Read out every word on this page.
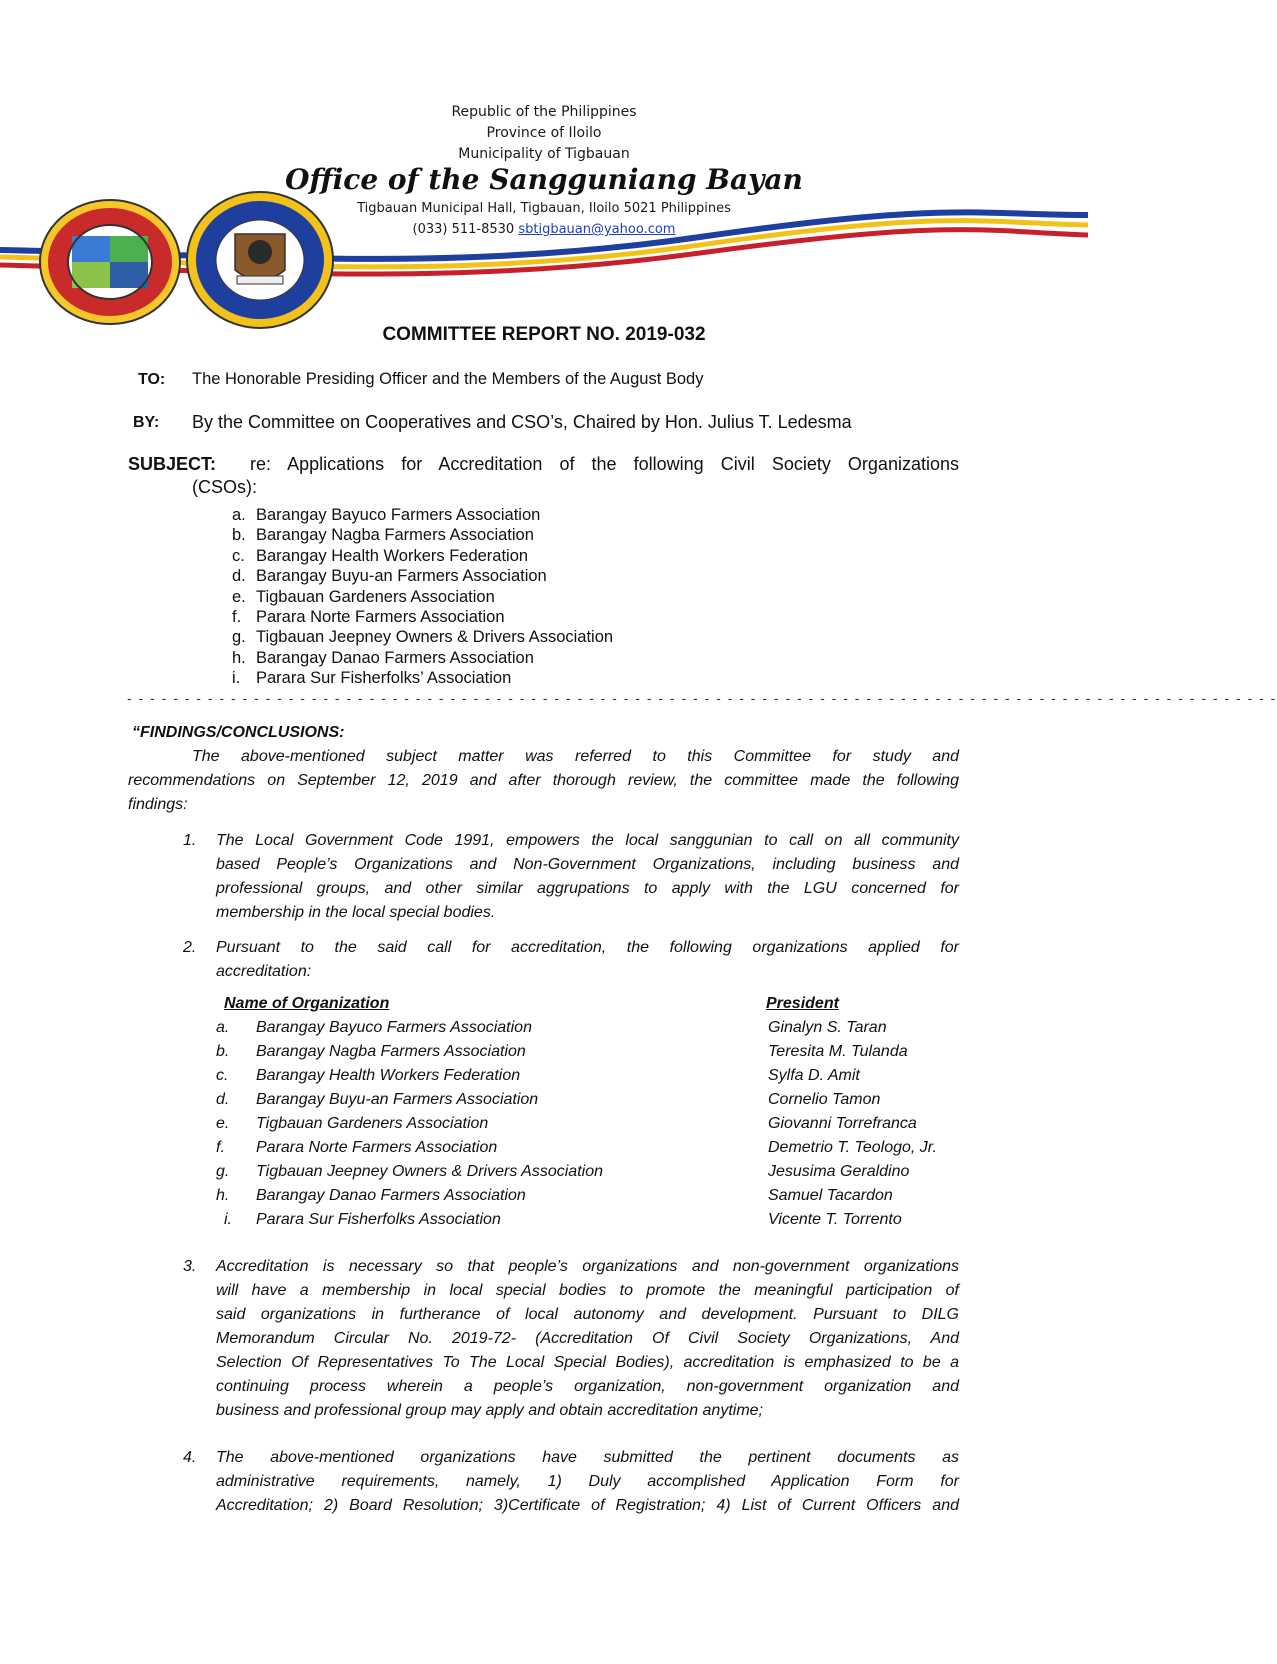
Republic of the Philippines
Province of Iloilo
Municipality of Tigbauan
Office of the Sangguniang Bayan
Tigbauan Municipal Hall, Tigbauan, Iloilo 5021 Philippines
(033) 511-8530 sbtigbauan@yahoo.com
COMMITTEE REPORT NO. 2019-032
TO: The Honorable Presiding Officer and the Members of the August Body
BY: By the Committee on Cooperatives and CSO’s, Chaired by Hon. Julius T. Ledesma
SUBJECT: re: Applications for Accreditation of the following Civil Society Organizations
(CSOs):
a. Barangay Bayuco Farmers Association
b. Barangay Nagba Farmers Association
c. Barangay Health Workers Federation
d. Barangay Buyu-an Farmers Association
e. Tigbauan Gardeners Association
f. Parara Norte Farmers Association
g. Tigbauan Jeepney Owners & Drivers Association
h. Barangay Danao Farmers Association
i. Parara Sur Fisherfolks’ Association
- - - - - - - - - - - - - - - - - - - - - - - - - - - - - - - - - - - - - - - - - - - - - - - - - - - - - - - - - - - - - - - - - - - - - - - - - - - - - - - - - - - - - - - - - - - - - - - - - - - -
“FINDINGS/CONCLUSIONS:
The above-mentioned subject matter was referred to this Committee for study and
recommendations on September 12, 2019 and after thorough review, the committee made the following
findings:
1. The Local Government Code 1991, empowers the local sanggunian to call on all community
based People’s Organizations and Non-Government Organizations, including business and
professional groups, and other similar aggrupations to apply with the LGU concerned for
membership in the local special bodies.
2. Pursuant to the said call for accreditation, the following organizations applied for
accreditation:
Name of Organization	President
a. Barangay Bayuco Farmers Association	Ginalyn S. Taran
b. Barangay Nagba Farmers Association	Teresita M. Tulanda
c. Barangay Health Workers Federation	Sylfa D. Amit
d. Barangay Buyu-an Farmers Association	Cornelio Tamon
e. Tigbauan Gardeners Association	Giovanni Torrefranca
f. Parara Norte Farmers Association	Demetrio T. Teologo, Jr.
g. Tigbauan Jeepney Owners & Drivers Association	Jesusima Geraldino
h. Barangay Danao Farmers Association	Samuel Tacardon
i. Parara Sur Fisherfolks Association	Vicente T. Torrento
3. Accreditation is necessary so that people’s organizations and non-government organizations
will have a membership in local special bodies to promote the meaningful participation of
said organizations in furtherance of local autonomy and development. Pursuant to DILG
Memorandum Circular No. 2019-72- (Accreditation Of Civil Society Organizations, And
Selection Of Representatives To The Local Special Bodies), accreditation is emphasized to be a
continuing process wherein a people’s organization, non-government organization and
business and professional group may apply and obtain accreditation anytime;
4. The above-mentioned organizations have submitted the pertinent documents as
administrative requirements, namely, 1) Duly accomplished Application Form for
Accreditation; 2) Board Resolution; 3)Certificate of Registration; 4) List of Current Officers and
